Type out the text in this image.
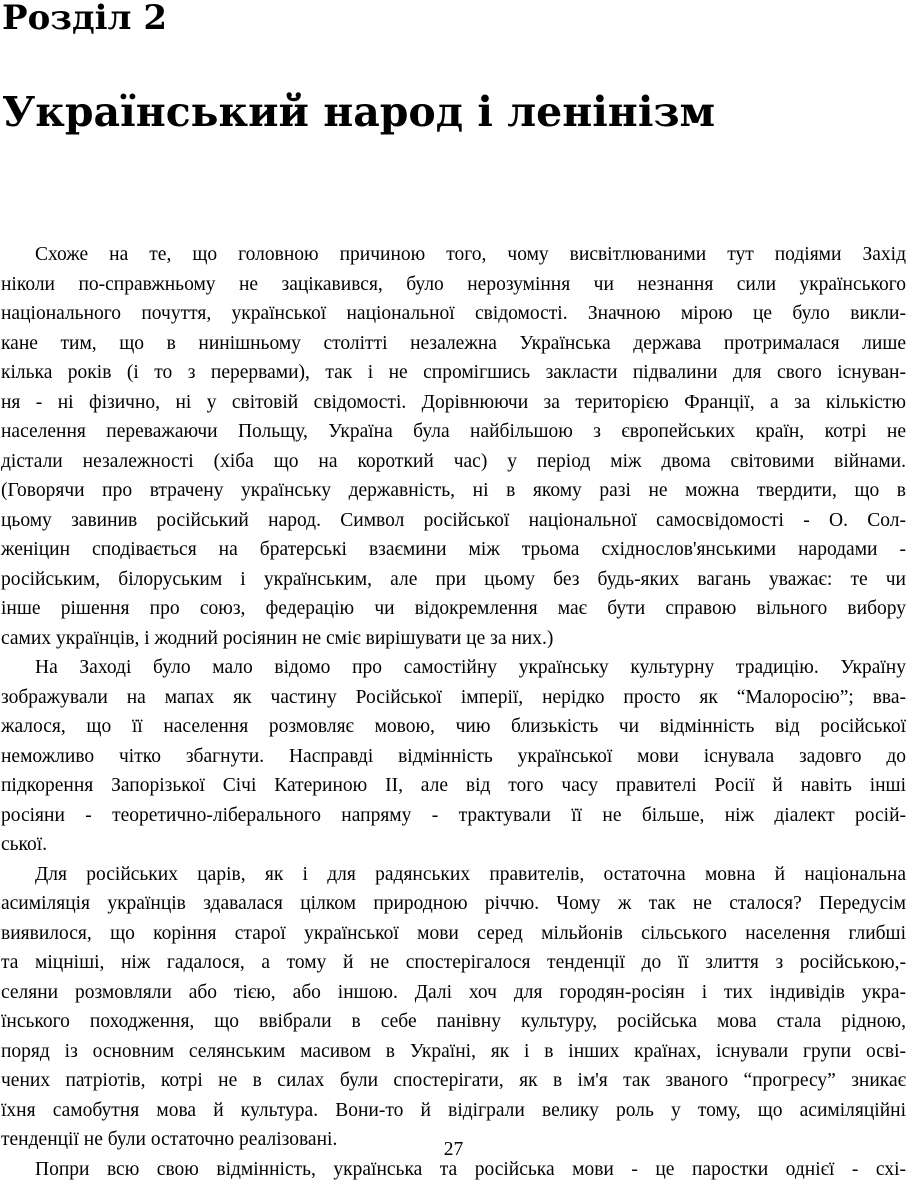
Розділ 2
Український народ і ленінізм
Схоже на те, що головною причиною того, чому висвітлюваними тут подіями Захід
ніколи по-справжньому не зацікавився, було нерозуміння чи незнання сили українського
національного почуття, української національної свідомості. Значною мірою це було викли-
кане тим, що в нинішньому столітті незалежна Українська держава протрималася лише
кілька років (і то з перервами), так і не спромігшись закласти підвалини для свого існуван-
ня - ні фізично, ні у світовій свідомості. Дорівнюючи за територією Франції, а за кількістю
населення переважаючи Польщу, Україна була найбільшою з європейських країн, котрі не
дістали незалежності (хіба що на короткий час) у період між двома світовими війнами.
(Говорячи про втрачену українську державність, ні в якому разі не можна твердити, що в
цьому завинив російський народ. Символ російської національної самосвідомості - О. Сол-
женіцин сподівається на братерські взаємини між трьома східнослов'янськими народами -
російським, білоруським і українським, але при цьому без будь-яких вагань уважає: те чи
інше рішення про союз, федерацію чи відокремлення має бути справою вільного вибору
самих українців, і жодний росіянин не сміє вирішувати це за них.)
На Заході було мало відомо про самостійну українську культурну традицію. Україну
зображували на мапах як частину Російської імперії, нерідко просто як “Малоросію”; вва-
жалося, що її населення розмовляє мовою, чию близькість чи відмінність від російської
неможливо чітко збагнути. Насправді відмінність української мови існувала задовго до
підкорення Запорізької Січі Катериною II, але від того часу правителі Росії й навіть інші
росіяни - теоретично-ліберального напряму - трактували її не більше, ніж діалект росій-
ської.
Для російських царів, як і для радянських правителів, остаточна мовна й національна
асиміляція українців здавалася цілком природною річчю. Чому ж так не сталося? Передусім
виявилося, що коріння старої української мови серед мільйонів сільського населення глибші
та міцніші, ніж гадалося, а тому й не спостерігалося тенденції до її злиття з російською,-
селяни розмовляли або тією, або іншою. Далі хоч для городян-росіян і тих індивідів укра-
їнського походження, що ввібрали в себе панівну культуру, російська мова стала рідною,
поряд із основним селянським масивом в Україні, як і в інших країнах, існували групи осві-
чених патріотів, котрі не в силах були спостерігати, як в ім'я так званого “прогресу” зникає
їхня самобутня мова й культура. Вони-то й відіграли велику роль у тому, що асиміляційні
тенденції не були остаточно реалізовані.
Попри всю свою відмінність, українська та російська мови - це паростки однієї - схі-
27
